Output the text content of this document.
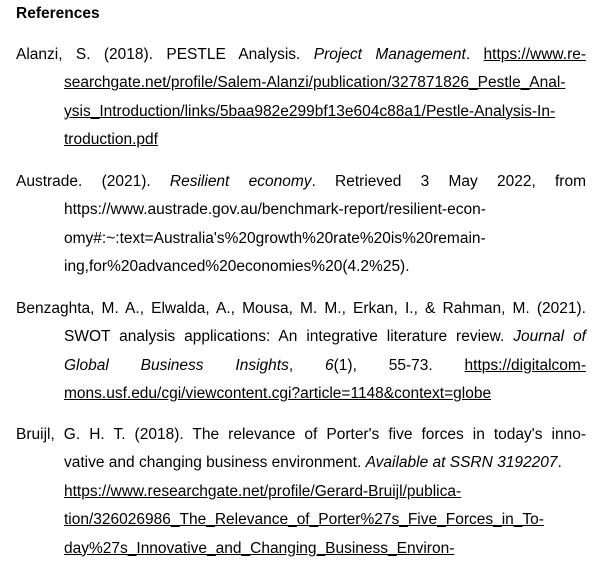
References
Alanzi, S. (2018). PESTLE Analysis. Project Management. https://www.re-
searchgate.net/profile/Salem-Alanzi/publication/327871826_Pestle_Anal-
ysis_Introduction/links/5baa982e299bf13e604c88a1/Pestle-Analysis-In-
troduction.pdf
Austrade. (2021). Resilient economy. Retrieved 3 May 2022, from
https://www.austrade.gov.au/benchmark-report/resilient-econ-
omy#:~:text=Australia's%20growth%20rate%20is%20remain-
ing,for%20advanced%20economies%20(4.2%25).
Benzaghta, M. A., Elwalda, A., Mousa, M. M., Erkan, I., & Rahman, M. (2021).
SWOT analysis applications: An integrative literature review. Journal of
Global Business Insights, 6(1), 55-73. https://digitalcom-
mons.usf.edu/cgi/viewcontent.cgi?article=1148&context=globe
Bruijl, G. H. T. (2018). The relevance of Porter's five forces in today's inno-
vative and changing business environment. Available at SSRN 3192207.
https://www.researchgate.net/profile/Gerard-Bruijl/publica-
tion/326026986_The_Relevance_of_Porter%27s_Five_Forces_in_To-
day%27s_Innovative_and_Changing_Business_Environ-
